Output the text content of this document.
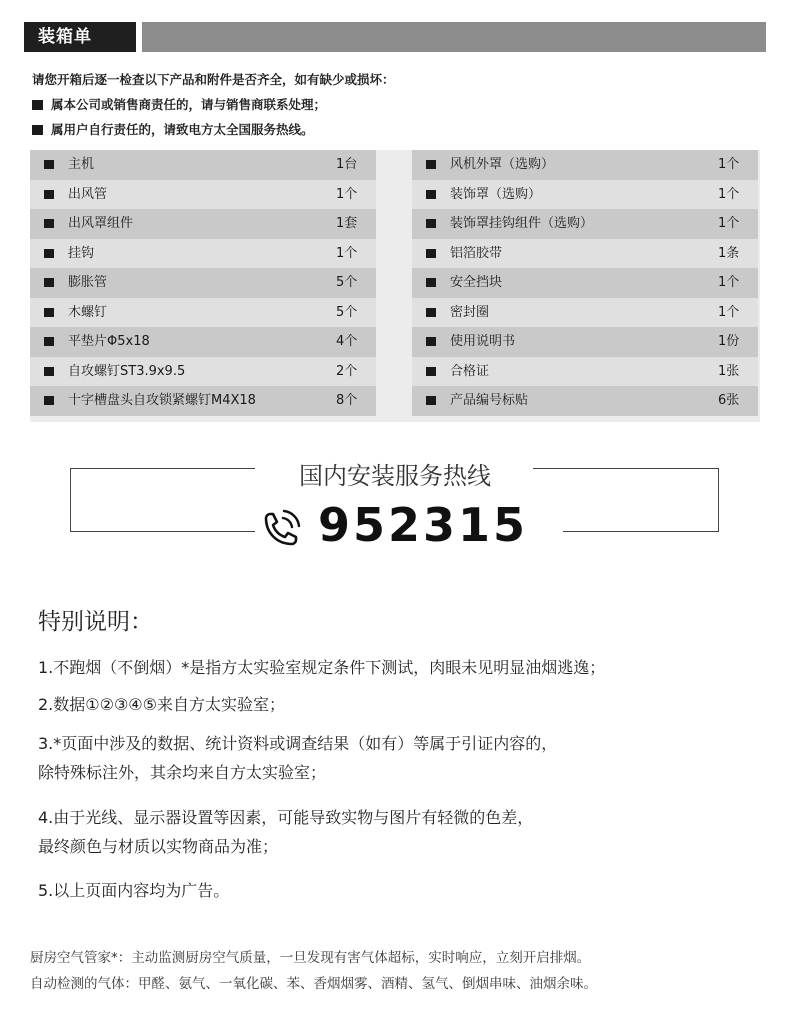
装箱单
请您开箱后逐一检查以下产品和附件是否齐全，如有缺少或损坏：
属本公司或销售商责任的，请与销售商联系处理；
属用户自行责任的，请致电方太全国服务热线。
主机	1台
出风管	1个
出风罩组件	1套
挂钩	1个
膨胀管	5个
木螺钉	5个
平垫片Φ5x18	4个
自攻螺钉ST3.9x9.5	2个
十字槽盘头自攻锁紧螺钉M4X18	8个
风机外罩（选购）	1个
装饰罩（选购）	1个
装饰罩挂钩组件（选购）	1个
铝箔胶带	1条
安全挡块	1个
密封圈	1个
使用说明书	1份
合格证	1张
产品编号标贴	6张
国内安装服务热线
952315
特别说明：
1.不跑烟（不倒烟）*是指方太实验室规定条件下测试，肉眼未见明显油烟逃逸；
2.数据①②③④⑤来自方太实验室；
3.*页面中涉及的数据、统计资料或调查结果（如有）等属于引证内容的，
除特殊标注外，其余均来自方太实验室；
4.由于光线、显示器设置等因素，可能导致实物与图片有轻微的色差，
最终颜色与材质以实物商品为准；
5.以上页面内容均为广告。
厨房空气管家*：主动监测厨房空气质量，一旦发现有害气体超标，实时响应，立刻开启排烟。
自动检测的气体：甲醛、氨气、一氧化碳、苯、香烟烟雾、酒精、氢气、倒烟串味、油烟余味。
